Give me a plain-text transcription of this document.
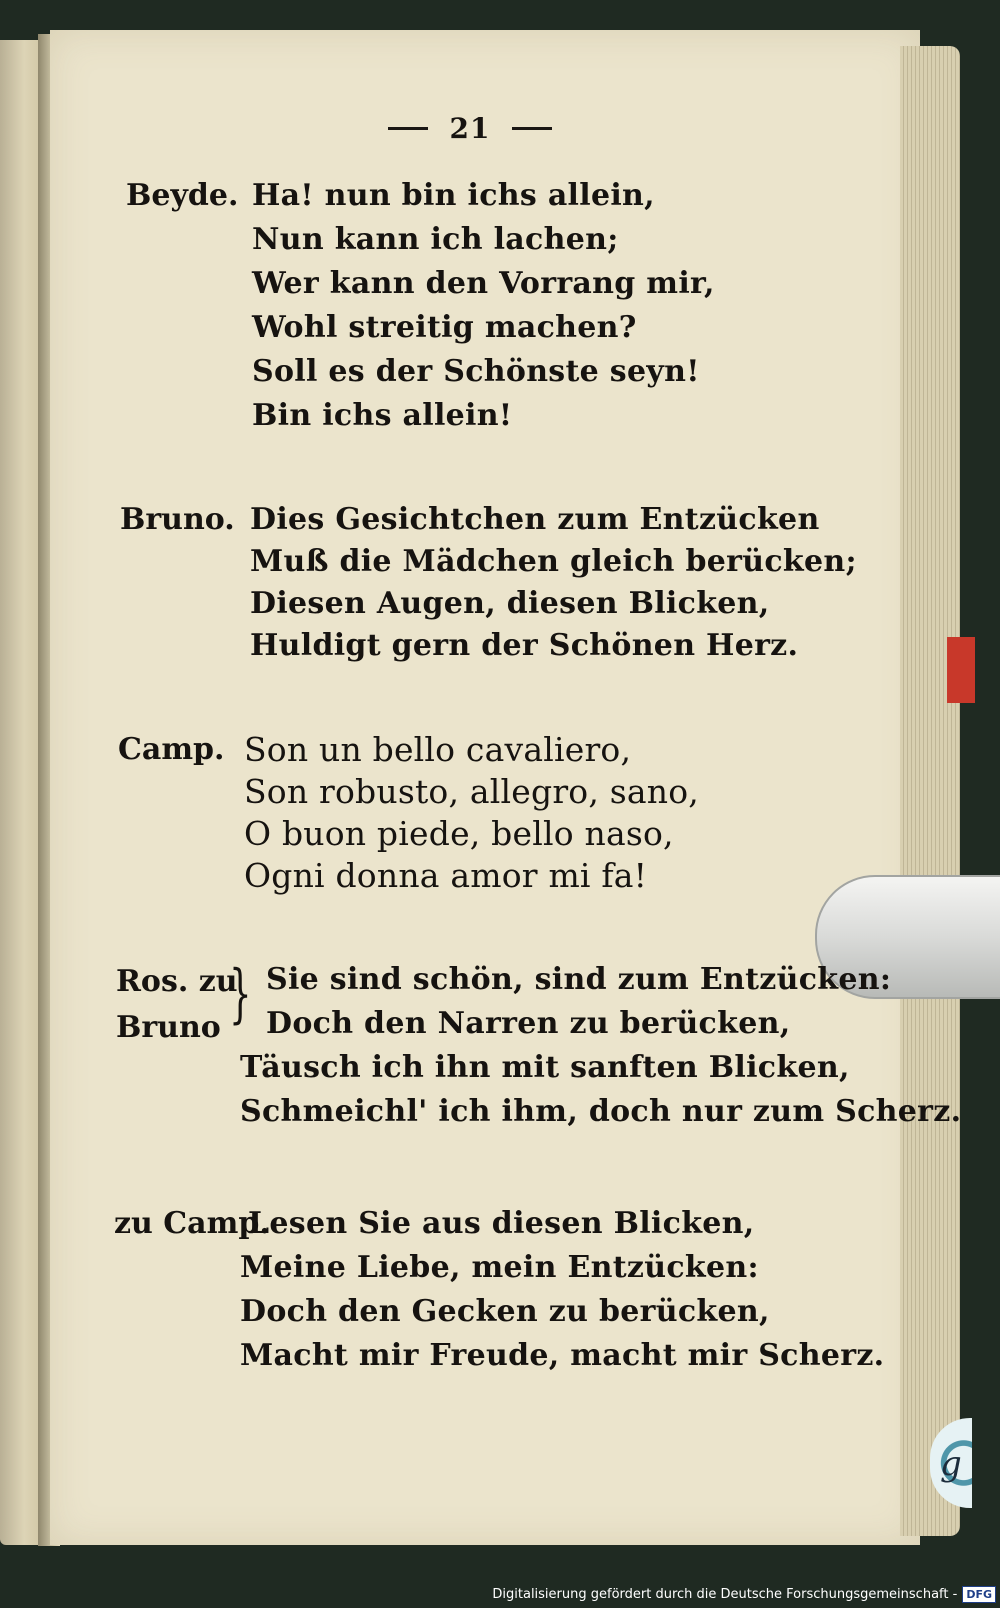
g
21
Beyde. Ha! nun bin ichs allein,
Nun kann ich lachen;
Wer kann den Vorrang mir,
Wohl streitig machen?
Soll es der Schönste seyn!
Bin ichs allein!
Bruno. Dies Gesichtchen zum Entzücken
Muß die Mädchen gleich berücken;
Diesen Augen, diesen Blicken,
Huldigt gern der Schönen Herz.
Camp. Son un bello cavaliero,
Son robusto, allegro, sano,
O buon piede, bello naso,
Ogni donna amor mi fa!
Ros. zu
Bruno } Sie sind schön, sind zum Entzücken:
Doch den Narren zu berücken,
Täusch ich ihn mit sanften Blicken,
Schmeichl' ich ihm, doch nur zum Scherz.
zu Camp.
Lesen Sie aus diesen Blicken,
Meine Liebe, mein Entzücken:
Doch den Gecken zu berücken,
Macht mir Freude, macht mir Scherz.
Digitalisierung gefördert durch die Deutsche Forschungsgemeinschaft - DFG
